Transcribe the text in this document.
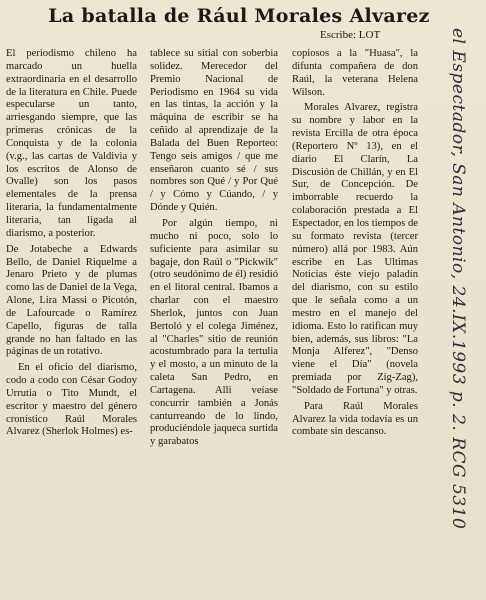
La batalla de Rául Morales Alvarez
Escribe: LOT

El periodismo chileno ha marcado un huella extraordinaria en el desarrollo de la literatura en Chile. Puede especularse un tanto, arriesgando siempre, que las primeras crónicas de la Conquista y de la colonia (v.g., las cartas de Valdivia y los escritos de Alonso de Ovalle) son los pasos elementales de la prensa literaria, la fundamentalmente literaria, tan ligada al diarismo, a posterior.

De Jotabeche a Edwards Bello, de Daniel Riquelme a Jenaro Prieto y de plumas como las de Daniel de la Vega, Alone, Lira Massi o Picotón, de Lafourcade o Ramírez Capello, figuras de talla grande no han faltado en las páginas de un rotativo.

En el oficio del diarismo, codo a codo con César Godoy Urrutia o Tito Mundt, el escritor y maestro del género cronístico Raúl Morales Alvarez (Sherlok Holmes) es-

tablece su sitial con soberbia solidez. Merecedor del Premio Nacional de Periodismo en 1964 su vida en las tintas, la acción y la máquina de escribir se ha ceñido al aprendizaje de la Balada del Buen Reporteo: Tengo seis amigos / que me enseñaron cuanto sé / sus nombres son Qué / y Por Qué / y Cómo y Cúando, / y Dónde y Quién.

Por algún tiempo, ni mucho ni poco, solo lo suficiente para asimilar su bagaje, don Raúl o "Pickwik" (otro seudónimo de él) residió en el litoral central. Ibamos a charlar con el maestro Sherlok, juntos con Juan Bertoló y el colega Jiménez, al "Charles" sitio de reunión acostumbrado para la tertulia y el mosto, a un minuto de la caleta San Pedro, en Cartagena. Alli veíase concurrir también a Jonás canturreando de lo lindo, produciéndole jaqueca surtida y garabatos

copiosos a la "Huasa", la difunta compañera de don Raúl, la veterana Helena Wilson.

Morales Alvarez, registra su nombre y labor en la revista Ercilla de otra época (Reportero Nº 13), en el diario El Clarín, La Discusión de Chillán, y en El Sur, de Concepción. De imborrable recuerdo la colaboración prestada a El Espectador, en los tiempos de su formato revista (tercer número) allá por 1983. Aún escribe en Las Ultimas Noticias éste viejo paladín del diarismo, con su estilo que le señala como a un mestro en el manejo del idioma. Esto lo ratifican muy bien, además, sus libros: "La Monja Alferez", "Denso viene el Día" (novela premiada por Zig-Zag), "Soldado de Fortuna" y otras.

Para Raúl Morales Alvarez la vida todavía es un combate sin descanso.	el Espectador, San Antonio, 24.IX.1993 p. 2. RCG 5310
